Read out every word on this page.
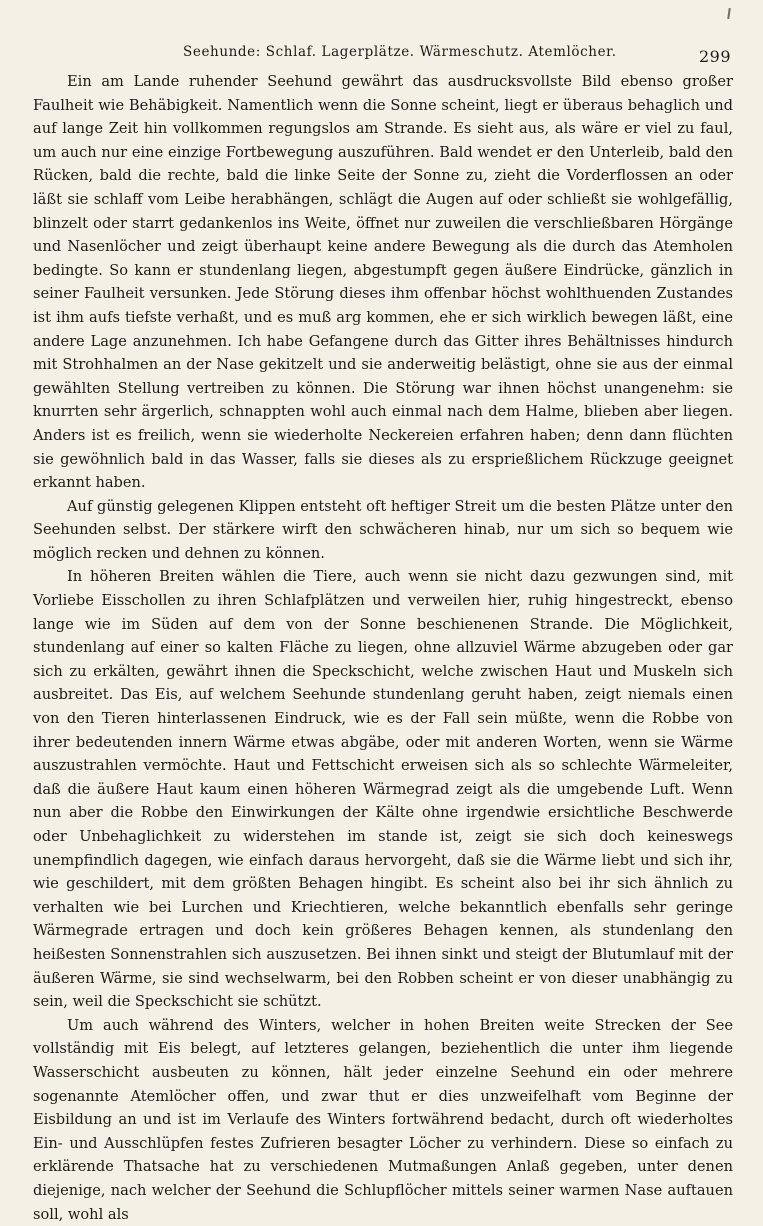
Seehunde: Schlaf. Lagerplätze. Wärmeschutz. Atemlöcher.	299

Ein am Lande ruhender Seehund gewährt das ausdrucksvollste Bild ebenso großer Faulheit wie Behäbigkeit. Namentlich wenn die Sonne scheint, liegt er überaus behaglich und auf lange Zeit hin vollkommen regungslos am Strande. Es sieht aus, als wäre er viel zu faul, um auch nur eine einzige Fortbewegung auszuführen. Bald wendet er den Unterleib, bald den Rücken, bald die rechte, bald die linke Seite der Sonne zu, zieht die Vorderflossen an oder läßt sie schlaff vom Leibe herabhängen, schlägt die Augen auf oder schließt sie wohlgefällig, blinzelt oder starrt gedankenlos ins Weite, öffnet nur zuweilen die verschließbaren Hörgänge und Nasenlöcher und zeigt überhaupt keine andere Bewegung als die durch das Atemholen bedingte. So kann er stundenlang liegen, abgestumpft gegen äußere Eindrücke, gänzlich in seiner Faulheit versunken. Jede Störung dieses ihm offenbar höchst wohlthuenden Zustandes ist ihm aufs tiefste verhaßt, und es muß arg kommen, ehe er sich wirklich bewegen läßt, eine andere Lage anzunehmen. Ich habe Gefangene durch das Gitter ihres Behältnisses hindurch mit Strohhalmen an der Nase gekitzelt und sie anderweitig belästigt, ohne sie aus der einmal gewählten Stellung vertreiben zu können. Die Störung war ihnen höchst unangenehm: sie knurrten sehr ärgerlich, schnappten wohl auch einmal nach dem Halme, blieben aber liegen. Anders ist es freilich, wenn sie wiederholte Neckereien erfahren haben; denn dann flüchten sie gewöhnlich bald in das Wasser, falls sie dieses als zu ersprießlichem Rückzuge geeignet erkannt haben.

Auf günstig gelegenen Klippen entsteht oft heftiger Streit um die besten Plätze unter den Seehunden selbst. Der stärkere wirft den schwächeren hinab, nur um sich so bequem wie möglich recken und dehnen zu können.

In höheren Breiten wählen die Tiere, auch wenn sie nicht dazu gezwungen sind, mit Vorliebe Eisschollen zu ihren Schlafplätzen und verweilen hier, ruhig hingestreckt, ebenso lange wie im Süden auf dem von der Sonne beschienenen Strande. Die Möglichkeit, stundenlang auf einer so kalten Fläche zu liegen, ohne allzuviel Wärme abzugeben oder gar sich zu erkälten, gewährt ihnen die Speckschicht, welche zwischen Haut und Muskeln sich ausbreitet. Das Eis, auf welchem Seehunde stundenlang geruht haben, zeigt niemals einen von den Tieren hinterlassenen Eindruck, wie es der Fall sein müßte, wenn die Robbe von ihrer bedeutenden innern Wärme etwas abgäbe, oder mit anderen Worten, wenn sie Wärme auszustrahlen vermöchte. Haut und Fettschicht erweisen sich als so schlechte Wärmeleiter, daß die äußere Haut kaum einen höheren Wärmegrad zeigt als die umgebende Luft. Wenn nun aber die Robbe den Einwirkungen der Kälte ohne irgendwie ersichtliche Beschwerde oder Unbehaglichkeit zu widerstehen im stande ist, zeigt sie sich doch keineswegs unempfindlich dagegen, wie einfach daraus hervorgeht, daß sie die Wärme liebt und sich ihr, wie geschildert, mit dem größten Behagen hingibt. Es scheint also bei ihr sich ähnlich zu verhalten wie bei Lurchen und Kriechtieren, welche bekanntlich ebenfalls sehr geringe Wärmegrade ertragen und doch kein größeres Behagen kennen, als stundenlang den heißesten Sonnenstrahlen sich auszusetzen. Bei ihnen sinkt und steigt der Blutumlauf mit der äußeren Wärme, sie sind wechselwarm, bei den Robben scheint er von dieser unabhängig zu sein, weil die Speckschicht sie schützt.

Um auch während des Winters, welcher in hohen Breiten weite Strecken der See vollständig mit Eis belegt, auf letzteres gelangen, beziehentlich die unter ihm liegende Wasserschicht ausbeuten zu können, hält jeder einzelne Seehund ein oder mehrere sogenannte Atemlöcher offen, und zwar thut er dies unzweifelhaft vom Beginne der Eisbildung an und ist im Verlaufe des Winters fortwährend bedacht, durch oft wiederholtes Ein- und Ausschlüpfen festes Zufrieren besagter Löcher zu verhindern. Diese so einfach zu erklärende Thatsache hat zu verschiedenen Mutmaßungen Anlaß gegeben, unter denen diejenige, nach welcher der Seehund die Schlupflöcher mittels seiner warmen Nase auftauen soll, wohl als
